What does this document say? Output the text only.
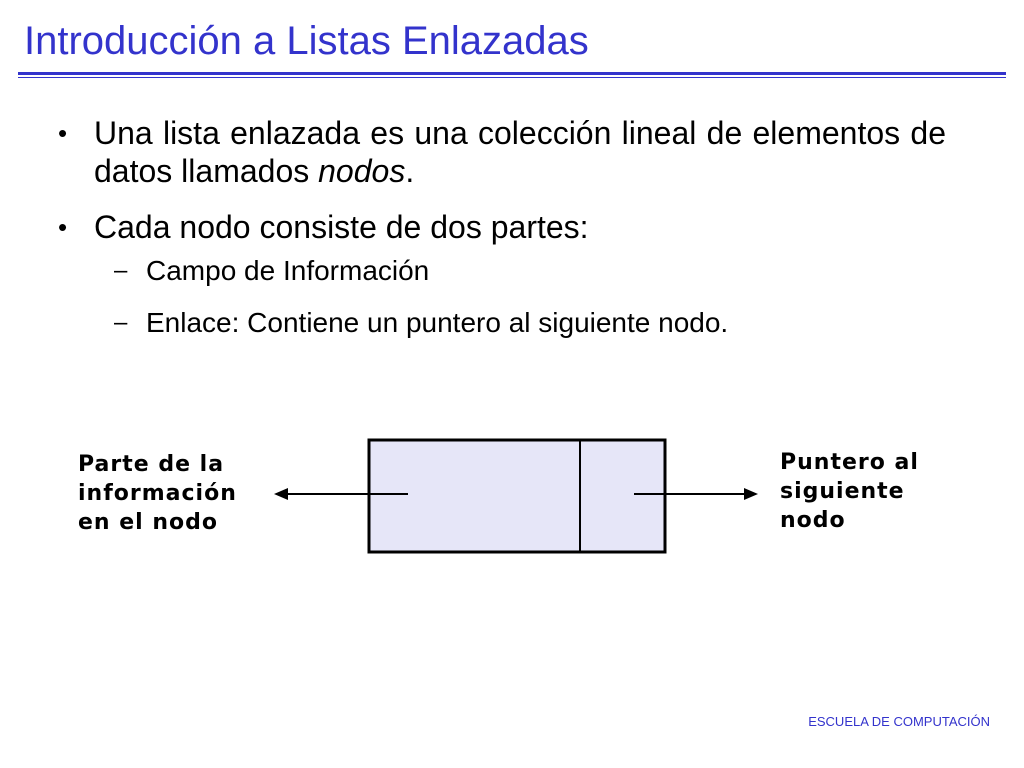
Introducción a Listas Enlazadas
• Una lista enlazada es una colección lineal de elementos de datos llamados nodos.
• Cada nodo consiste de dos partes:
– Campo de Información
– Enlace: Contiene un puntero al siguiente nodo.
Parte de la
información
en el nodo
Puntero al
siguiente
nodo
ESCUELA DE COMPUTACIÓN
